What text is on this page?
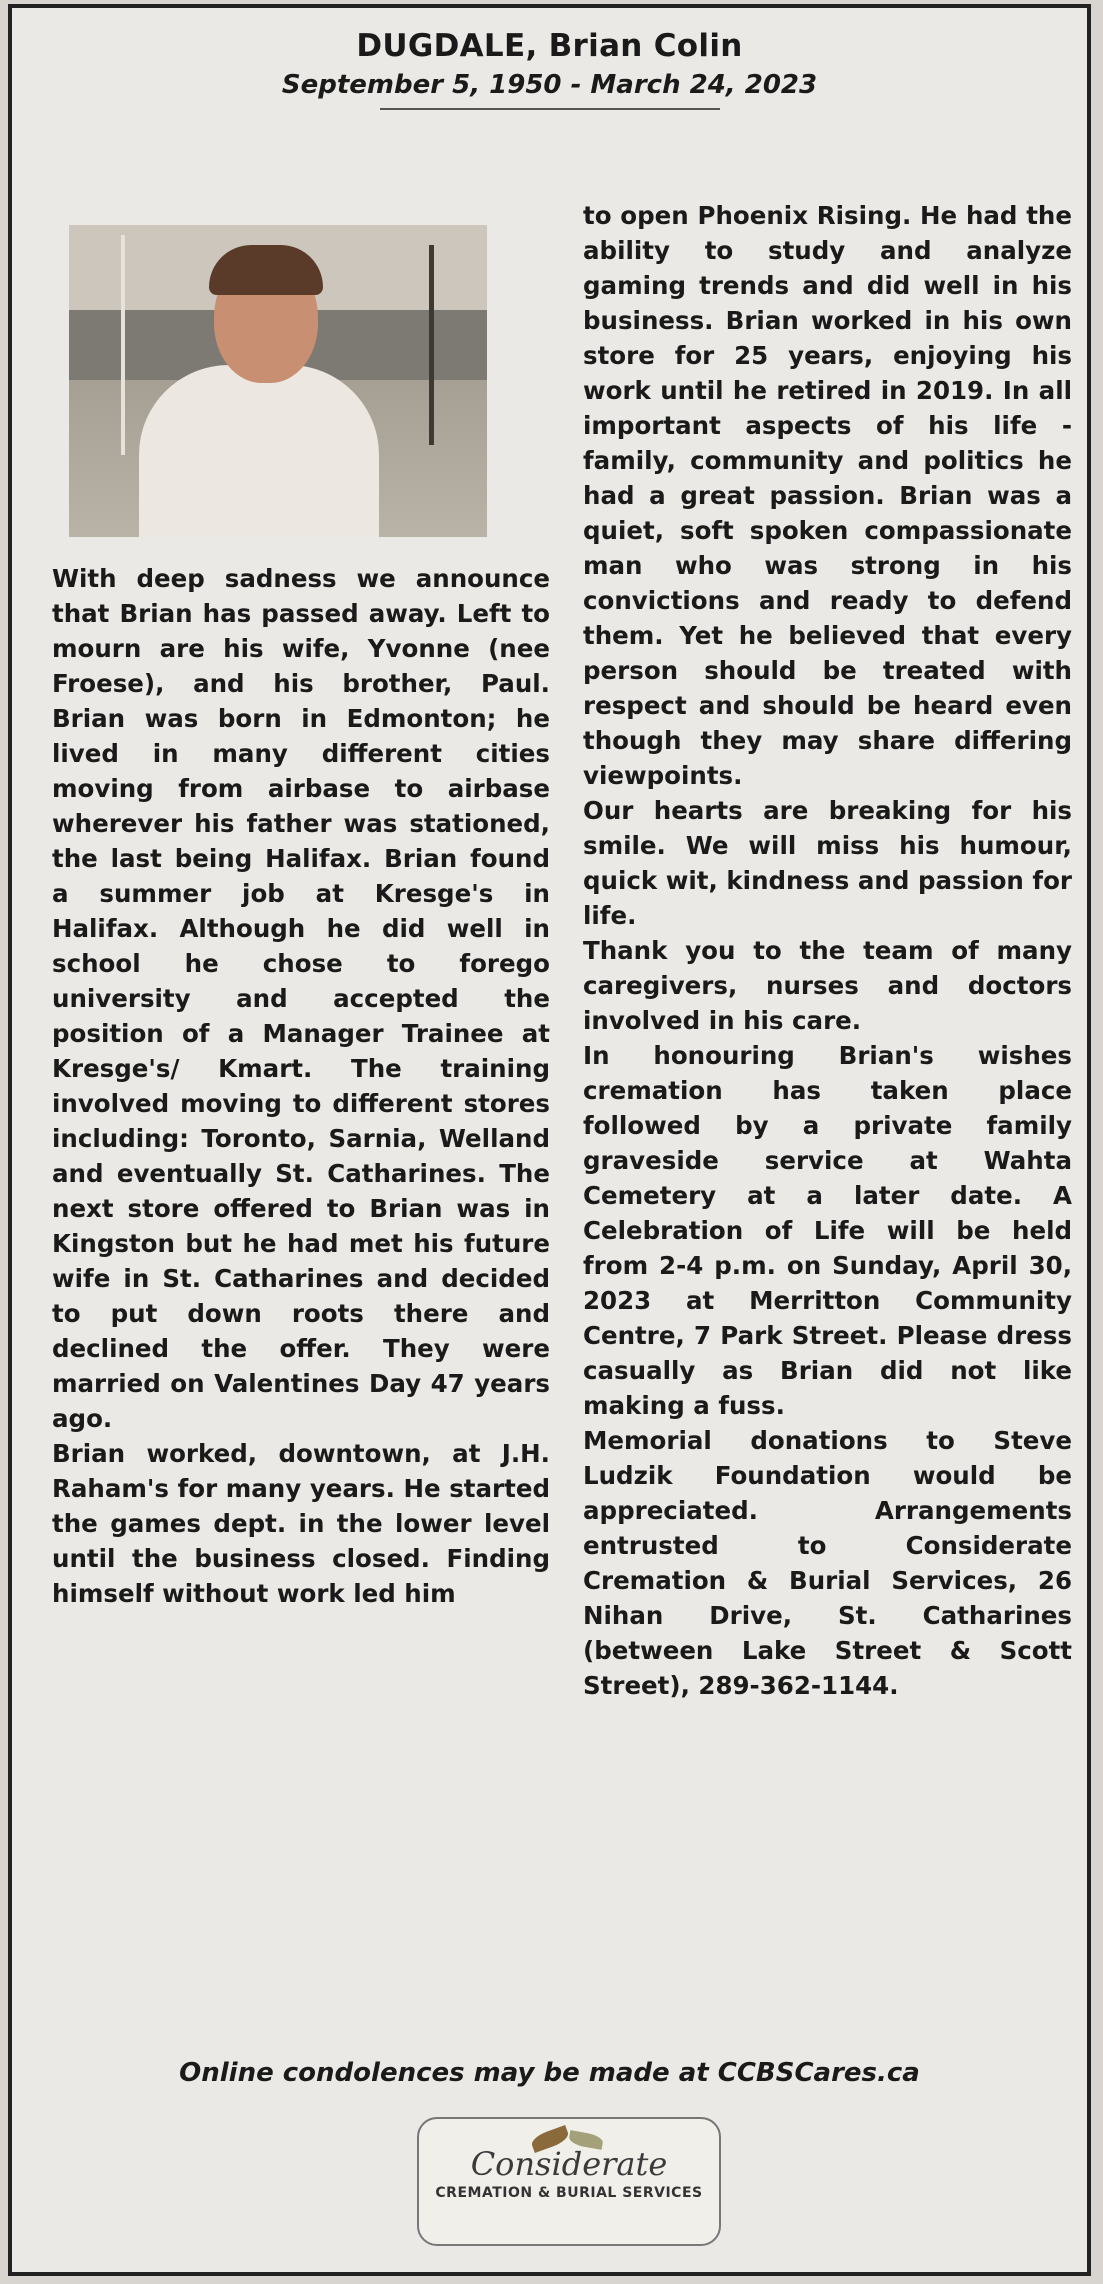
DUGDALE, Brian Colin
September 5, 1950 - March 24, 2023

With deep sadness we announce that Brian has passed away. Left to mourn are his wife, Yvonne (nee Froese), and his brother, Paul. Brian was born in Edmonton; he lived in many different cities moving from airbase to airbase wherever his father was stationed, the last being Halifax. Brian found a summer job at Kresge's in Halifax. Although he did well in school he chose to forego university and accepted the position of a Manager Trainee at Kresge's/ Kmart. The training involved moving to different stores including: Toronto, Sarnia, Welland and eventually St. Catharines. The next store offered to Brian was in Kingston but he had met his future wife in St. Catharines and decided to put down roots there and declined the offer. They were married on Valentines Day 47 years ago.

Brian worked, downtown, at J.H. Raham's for many years. He started the games dept. in the lower level until the business closed. Finding himself without work led him

to open Phoenix Rising. He had the ability to study and analyze gaming trends and did well in his business. Brian worked in his own store for 25 years, enjoying his work until he retired in 2019. In all important aspects of his life - family, community and politics he had a great passion. Brian was a quiet, soft spoken compassionate man who was strong in his convictions and ready to defend them. Yet he believed that every person should be treated with respect and should be heard even though they may share differing viewpoints.

Our hearts are breaking for his smile. We will miss his humour, quick wit, kindness and passion for life.

Thank you to the team of many caregivers, nurses and doctors involved in his care.

In honouring Brian's wishes cremation has taken place followed by a private family graveside service at Wahta Cemetery at a later date. A Celebration of Life will be held from 2-4 p.m. on Sunday, April 30, 2023 at Merritton Community Centre, 7 Park Street. Please dress casually as Brian did not like making a fuss.

Memorial donations to Steve Ludzik Foundation would be appreciated. Arrangements entrusted to Considerate Cremation & Burial Services, 26 Nihan Drive, St. Catharines (between Lake Street & Scott Street), 289-362-1144.

Online condolences may be made at CCBSCares.ca
Considerate
CREMATION & BURIAL SERVICES
